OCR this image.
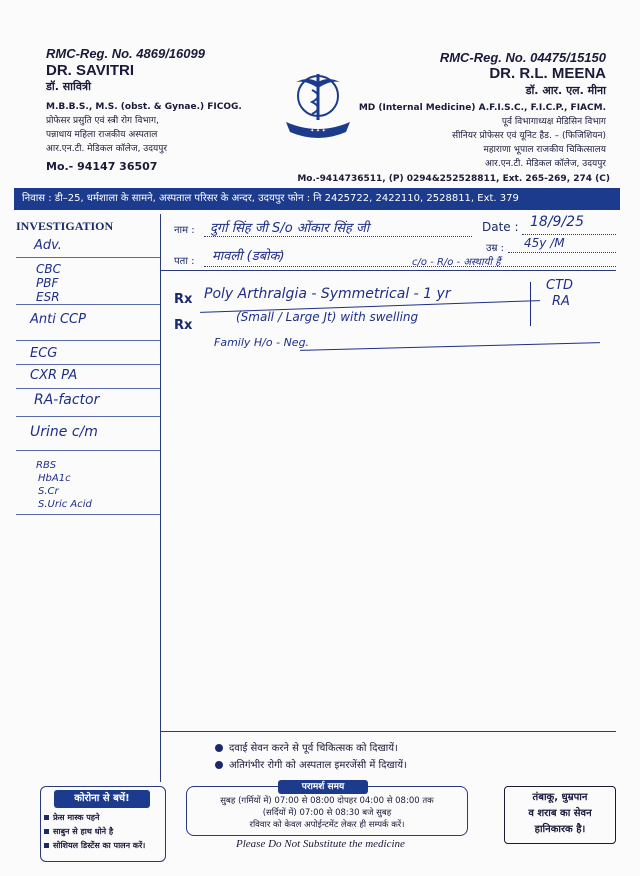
RMC-Reg. No. 4869/16099
DR. SAVITRI
डॉ. सावित्री
M.B.B.S., M.S. (obst. & Gynae.) FICOG.
प्रोफेसर प्रसुति एवं स्त्री रोग विभाग,
पन्नाधाय महिला राजकीय अस्पताल
आर.एन.टी. मेडिकल कॉलेज, उदयपुर
Mo.- 94147 36507
✦ ✦ ✦
RMC-Reg. No. 04475/15150
DR. R.L. MEENA
डॉ. आर. एल. मीना
MD (Internal Medicine) A.F.I.S.C., F.I.C.P., FIACM.
पूर्व विभागाध्यक्ष मेडिसिन विभाग
सीनियर प्रोफेसर एवं यूनिट हैड. – (फिजिशियन)
महाराणा भूपाल राजकीय चिकित्सालय
आर.एन.टी. मेडिकल कॉलेज, उदयपुर
Mo.-9414736511, (P) 0294&252528811, Ext. 265-269, 274 (C)
निवास : डी–25, धर्मशाला के सामने, अस्पताल परिसर के अन्दर, उदयपुर फोन : नि 2425722, 2422110, 2528811, Ext. 379
INVESTIGATION
Adv.
CBC
PBF
ESR
Anti CCP
ECG
CXR PA
RA-factor
Urine c/m
RBS
HbA1c
S.Cr
S.Uric Acid
नाम : दुर्गा सिंह जी S/o ओंकार सिंह जी	Date : 18/9/25
उम्र : 45y /M
पता : मावली (डबोक)	c/o - R/o - अस्थायी हैं
Rx
Rx
Poly Arthralgia - Symmetrical - 1 yr
(Small / Large Jt) with swelling
Family H/o - Neg.
CTD
RA
दवाई सेवन करने से पूर्व चिकित्सक को दिखायें।
अतिगंभीर रोगी को अस्पताल इमरजेंसी में दिखायें।
कोरोना से बचें!
फ्रेस मास्क पहने
साबुन से हाथ धोने है
सोशियल डिस्टेंस का पालन करें।
परामर्श समय
सुबह (गर्मियों में) 07:00 से 08:00 दोपहर 04:00 से 08:00 तक
(सर्दियों में) 07:00 से 08:30 बजे सुबह
रविवार को केवल अपोईन्टमेंट लेकर ही सम्पर्क करें।
Please Do Not Substitute the medicine
तंबाकू, धुम्रपान
व शराब का सेवन
हानिकारक है।
